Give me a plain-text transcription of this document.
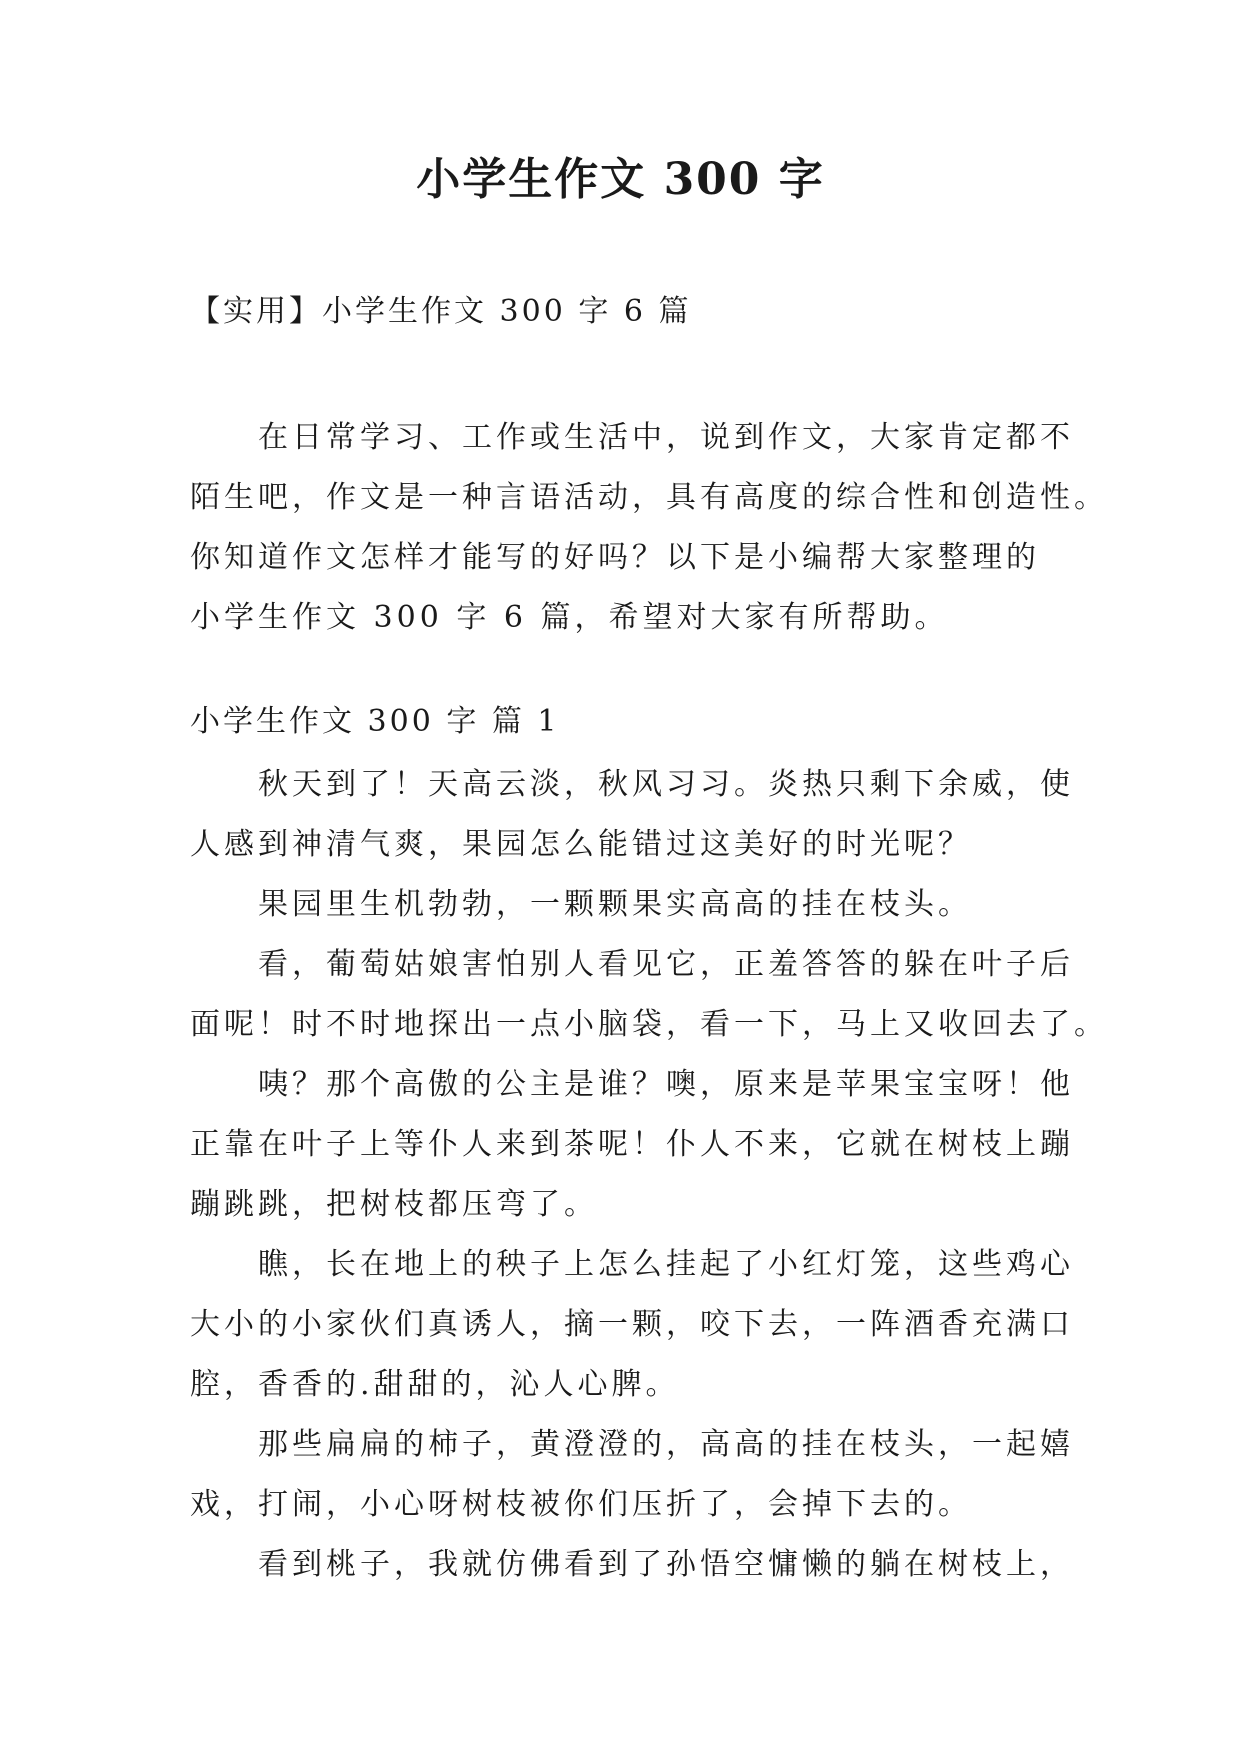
小学生作文 300 字
【实用】小学生作文 300 字 6 篇
在日常学习、工作或生活中，说到作文，大家肯定都不
陌生吧，作文是一种言语活动，具有高度的综合性和创造性。
你知道作文怎样才能写的好吗？以下是小编帮大家整理的
小学生作文 300 字 6 篇，希望对大家有所帮助。
小学生作文 300 字 篇 1
秋天到了！天高云淡，秋风习习。炎热只剩下余威，使
人感到神清气爽，果园怎么能错过这美好的时光呢？
果园里生机勃勃，一颗颗果实高高的挂在枝头。
看，葡萄姑娘害怕别人看见它，正羞答答的躲在叶子后
面呢！时不时地探出一点小脑袋，看一下，马上又收回去了。
咦？那个高傲的公主是谁？噢，原来是苹果宝宝呀！他
正靠在叶子上等仆人来到茶呢！仆人不来，它就在树枝上蹦
蹦跳跳，把树枝都压弯了。
瞧，长在地上的秧子上怎么挂起了小红灯笼，这些鸡心
大小的小家伙们真诱人，摘一颗，咬下去，一阵酒香充满口
腔，香香的.甜甜的，沁人心脾。
那些扁扁的柿子，黄澄澄的，高高的挂在枝头，一起嬉
戏，打闹，小心呀树枝被你们压折了，会掉下去的。
看到桃子，我就仿佛看到了孙悟空慵懒的躺在树枝上，
